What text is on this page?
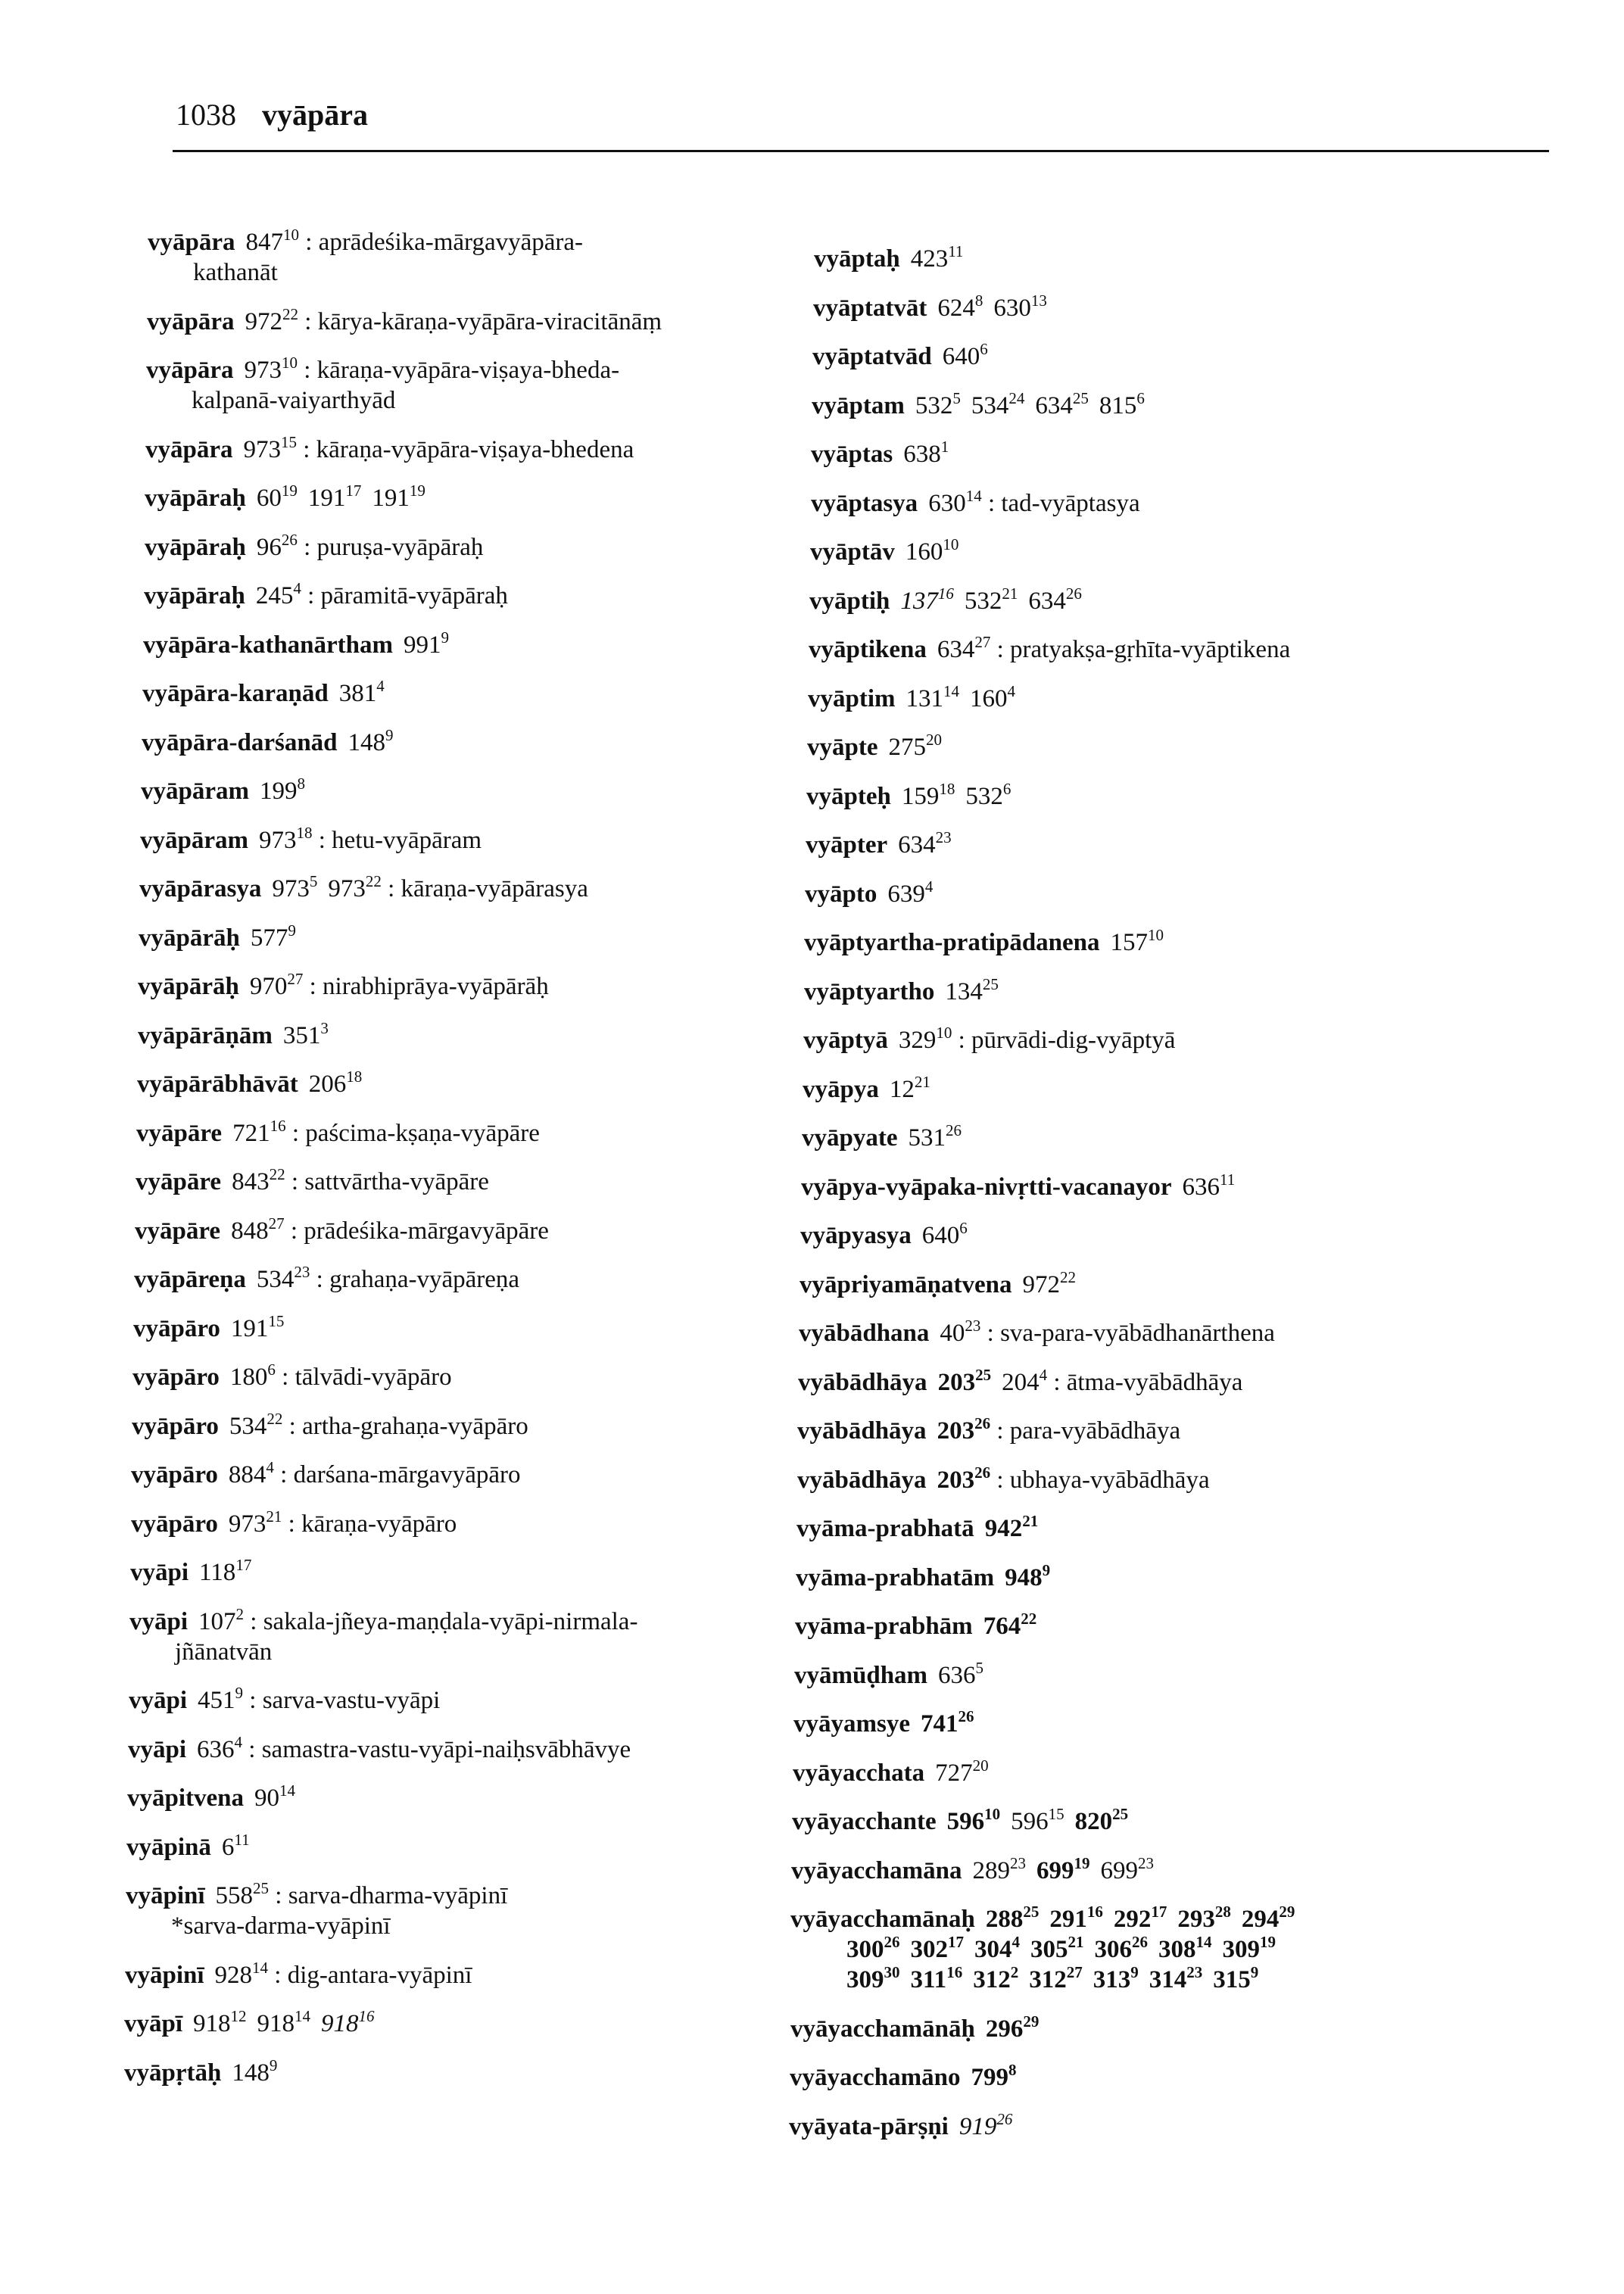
1038 vyāpāra
vyāpāra $847^{10}$ : aprādeśika-mārgavyāpāra-
kathanāt
vyāpāra $972^{22}$ : kārya-kāraṇa-vyāpāra-viracitānāṃ
vyāpāra $973^{10}$ : kāraṇa-vyāpāra-viṣaya-bheda-
kalpanā-vaiyarthyād
vyāpāra $973^{15}$ : kāraṇa-vyāpāra-viṣaya-bhedena
vyāpāraḥ $60^{19}$ $191^{17}$ $191^{19}$
vyāpāraḥ $96^{26}$ : puruṣa-vyāpāraḥ
vyāpāraḥ $245^4$ : pāramitā-vyāpāraḥ
vyāpāra-kathanārtham $991^9$
vyāpāra-karaṇād $381^4$
vyāpāra-darśanād $148^9$
vyāpāram $199^8$
vyāpāram $973^{18}$ : hetu-vyāpāram
vyāpārasya $973^5$ $973^{22}$ : kāraṇa-vyāpārasya
vyāpārāḥ $577^9$
vyāpārāḥ $970^{27}$ : nirabhiprāya-vyāpārāḥ
vyāpārāṇām $351^3$
vyāpārābhāvāt $206^{18}$
vyāpāre $721^{16}$ : paścima-kṣaṇa-vyāpāre
vyāpāre $843^{22}$ : sattvārtha-vyāpāre
vyāpāre $848^{27}$ : prādeśika-mārgavyāpāre
vyāpāreṇa $534^{23}$ : grahaṇa-vyāpāreṇa
vyāpāro $191^{15}$
vyāpāro $180^6$ : tālvādi-vyāpāro
vyāpāro $534^{22}$ : artha-grahaṇa-vyāpāro
vyāpāro $884^4$ : darśana-mārgavyāpāro
vyāpāro $973^{21}$ : kāraṇa-vyāpāro
vyāpi $118^{17}$
vyāpi $107^2$ : sakala-jñeya-maṇḍala-vyāpi-nirmala-
jñānatvān
vyāpi $451^9$ : sarva-vastu-vyāpi
vyāpi $636^4$ : samastra-vastu-vyāpi-naiḥsvābhāvye
vyāpitvena $90^{14}$
vyāpinā $6^{11}$
vyāpinī $558^{25}$ : sarva-dharma-vyāpinī
*sarva-darma-vyāpinī
vyāpinī $928^{14}$ : dig-antara-vyāpinī
vyāpī $918^{12}$ $918^{14}$ $918^{16}$
vyāpṛtāḥ $148^9$
vyāptaḥ $423^{11}$
vyāptatvāt $624^8$ $630^{13}$
vyāptatvād $640^6$
vyāptam $532^5$ $534^{24}$ $634^{25}$ $815^6$
vyāptas $638^1$
vyāptasya $630^{14}$ : tad-vyāptasya
vyāptāv $160^{10}$
vyāptiḥ $137^{16}$ $532^{21}$ $634^{26}$
vyāptikena $634^{27}$ : pratyakṣa-gṛhīta-vyāptikena
vyāptim $131^{14}$ $160^4$
vyāpte $275^{20}$
vyāpteḥ $159^{18}$ $532^6$
vyāpter $634^{23}$
vyāpto $639^4$
vyāptyartha-pratipādanena $157^{10}$
vyāptyartho $134^{25}$
vyāptyā $329^{10}$ : pūrvādi-dig-vyāptyā
vyāpya $12^{21}$
vyāpyate $531^{26}$
vyāpya-vyāpaka-nivṛtti-vacanayor $636^{11}$
vyāpyasya $640^6$
vyāpriyamāṇatvena $972^{22}$
vyābādhana $40^{23}$ : sva-para-vyābādhanārthena
vyābādhāya $203^{25}$ $204^4$ : ātma-vyābādhāya
vyābādhāya $203^{26}$ : para-vyābādhāya
vyābādhāya $203^{26}$ : ubhaya-vyābādhāya
vyāma-prabhatā $942^{21}$
vyāma-prabhatām $948^9$
vyāma-prabhām $764^{22}$
vyāmūḍham $636^5$
vyāyamsye $741^{26}$
vyāyacchata $727^{20}$
vyāyacchante $596^{10}$ $596^{15}$ $820^{25}$
vyāyacchamāna $289^{23}$ $699^{19}$ $699^{23}$
vyāyacchamānaḥ $288^{25}$ $291^{16}$ $292^{17}$ $293^{28}$ $294^{29}$
$300^{26}$ $302^{17}$ $304^4$ $305^{21}$ $306^{26}$ $308^{14}$ $309^{19}$
$309^{30}$ $311^{16}$ $312^2$ $312^{27}$ $313^9$ $314^{23}$ $315^9$
vyāyacchamānāḥ $296^{29}$
vyāyacchamāno $799^8$
vyāyata-pārṣṇi $919^{26}$
